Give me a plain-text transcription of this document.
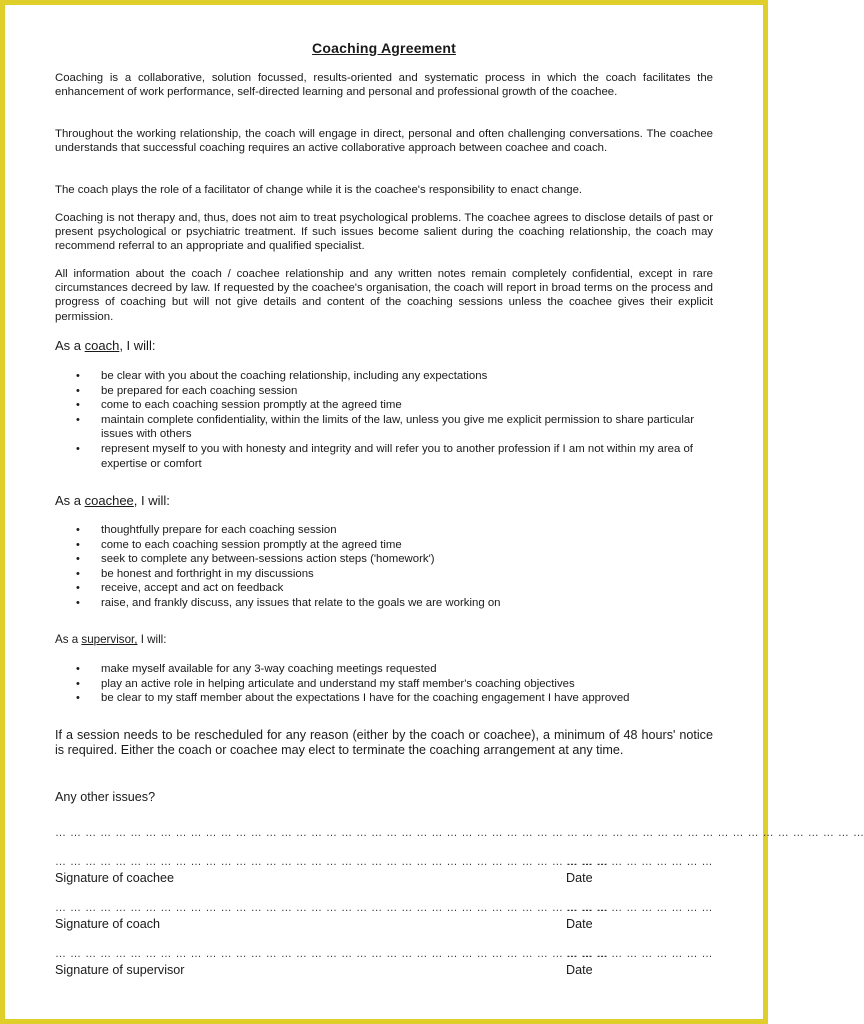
Coaching Agreement

Coaching is a collaborative, solution focussed, results-oriented and systematic process in which the coach facilitates the enhancement of work performance, self-directed learning and personal and professional growth of the coachee.

Throughout the working relationship, the coach will engage in direct, personal and often challenging conversations. The coachee understands that successful coaching requires an active collaborative approach between coachee and coach.

The coach plays the role of a facilitator of change while it is the coachee's responsibility to enact change.

Coaching is not therapy and, thus, does not aim to treat psychological problems. The coachee agrees to disclose details of past or present psychological or psychiatric treatment. If such issues become salient during the coaching relationship, the coach may recommend referral to an appropriate and qualified specialist.

All information about the coach / coachee relationship and any written notes remain completely confidential, except in rare circumstances decreed by law. If requested by the coachee's organisation, the coach will report in broad terms on the process and progress of coaching but will not give details and content of the coaching sessions unless the coachee gives their explicit permission.

As a coach, I will:

• be clear with you about the coaching relationship, including any expectations
• be prepared for each coaching session
• come to each coaching session promptly at the agreed time
• maintain complete confidentiality, within the limits of the law, unless you give me explicit permission to share particular issues with others
• represent myself to you with honesty and integrity and will refer you to another profession if I am not within my area of expertise or comfort

As a coachee, I will:

• thoughtfully prepare for each coaching session
• come to each coaching session promptly at the agreed time
• seek to complete any between-sessions action steps ('homework')
• be honest and forthright in my discussions
• receive, accept and act on feedback
• raise, and frankly discuss, any issues that relate to the goals we are working on

As a supervisor, I will:

• make myself available for any 3-way coaching meetings requested
• play an active role in helping articulate and understand my staff member's coaching objectives
• be clear to my staff member about the expectations I have for the coaching engagement I have approved

If a session needs to be rescheduled for any reason (either by the coach or coachee), a minimum of 48 hours' notice is required. Either the coach or coachee may elect to terminate the coaching arrangement at any time.

Any other issues?

… … … … … … … … … … … … … … … … … … … … … … … … … … … … … … … … … … … … … … … … … … … … … … … … … … … … … …
… … … … … … … … … … … … … … … … … … … … … … … … … … … … … … … … … … … … …
… … … … … … … … … …
Signature of coachee	Date
… … … … … … … … … … … … … … … … … … … … … … … … … … … … … … … … … … … … …
… … … … … … … … … …
Signature of coach	Date
… … … … … … … … … … … … … … … … … … … … … … … … … … … … … … … … … … … … …
… … … … … … … … … …
Signature of supervisor	Date
